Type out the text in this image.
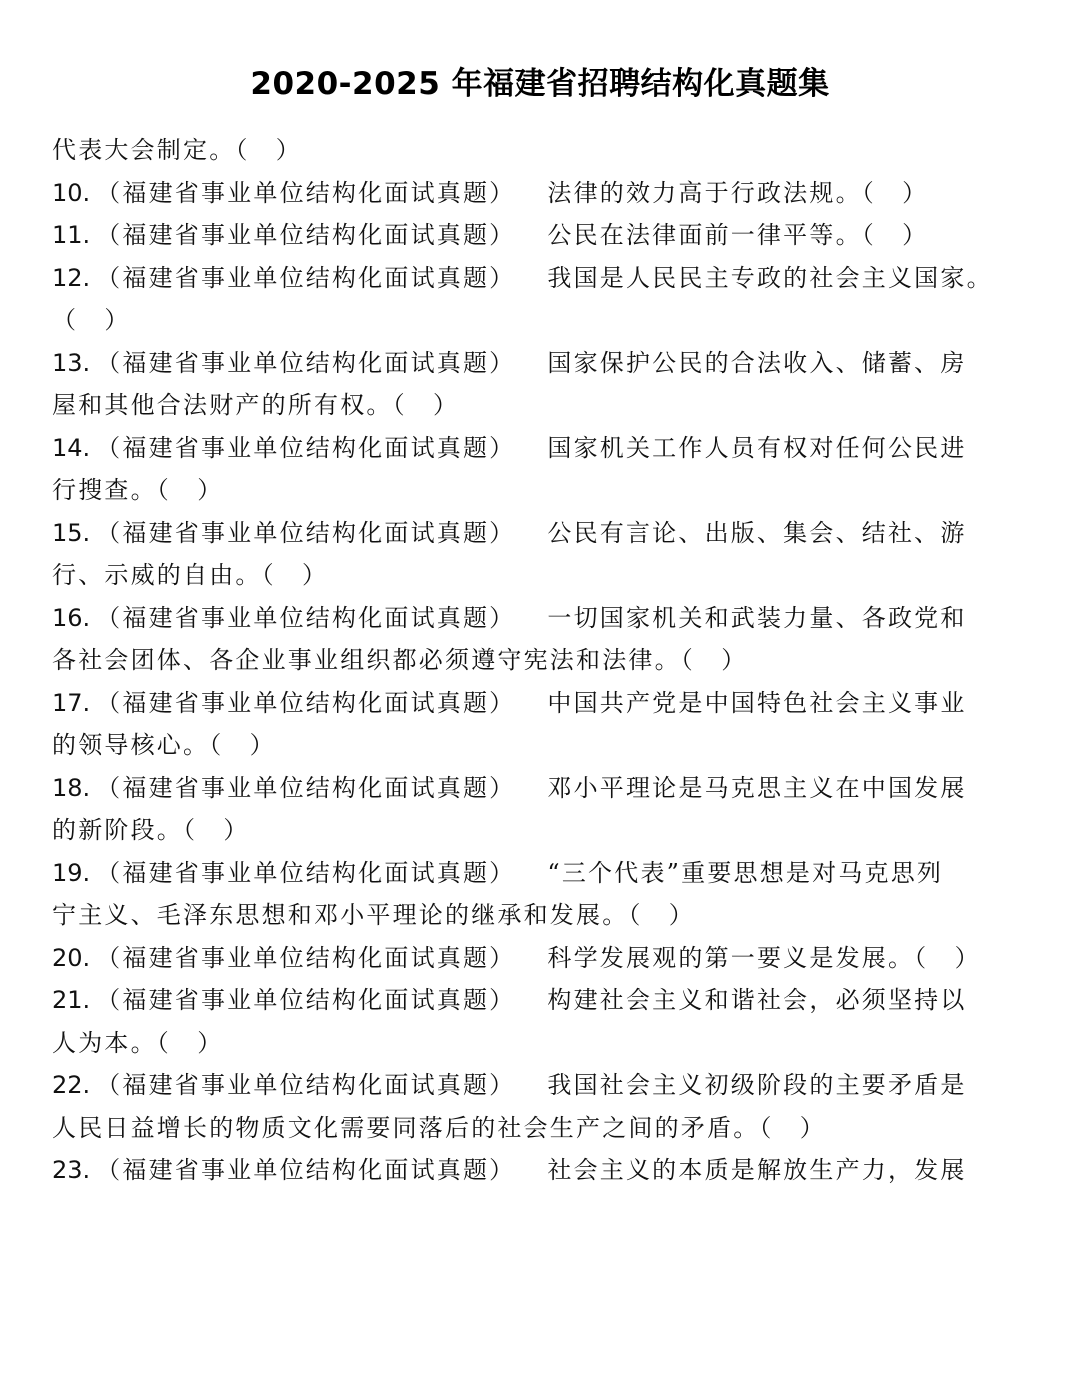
2020-2025 年福建省招聘结构化真题集
代表大会制定。（　）
10. （福建省事业单位结构化面试真题） 法律的效力高于行政法规。（　）
11. （福建省事业单位结构化面试真题） 公民在法律面前一律平等。（　）
12. （福建省事业单位结构化面试真题） 我国是人民民主专政的社会主义国家。
（　）
13. （福建省事业单位结构化面试真题） 国家保护公民的合法收入、储蓄、房
屋和其他合法财产的所有权。（　）
14. （福建省事业单位结构化面试真题） 国家机关工作人员有权对任何公民进
行搜查。（　）
15. （福建省事业单位结构化面试真题） 公民有言论、出版、集会、结社、游
行、示威的自由。（　）
16. （福建省事业单位结构化面试真题） 一切国家机关和武装力量、各政党和
各社会团体、各企业事业组织都必须遵守宪法和法律。（　）
17. （福建省事业单位结构化面试真题） 中国共产党是中国特色社会主义事业
的领导核心。（　）
18. （福建省事业单位结构化面试真题） 邓小平理论是马克思主义在中国发展
的新阶段。（　）
19. （福建省事业单位结构化面试真题） “三个代表”重要思想是对马克思列
宁主义、毛泽东思想和邓小平理论的继承和发展。（　）
20. （福建省事业单位结构化面试真题） 科学发展观的第一要义是发展。（　）
21. （福建省事业单位结构化面试真题） 构建社会主义和谐社会，必须坚持以
人为本。（　）
22. （福建省事业单位结构化面试真题） 我国社会主义初级阶段的主要矛盾是
人民日益增长的物质文化需要同落后的社会生产之间的矛盾。（　）
23. （福建省事业单位结构化面试真题） 社会主义的本质是解放生产力，发展
